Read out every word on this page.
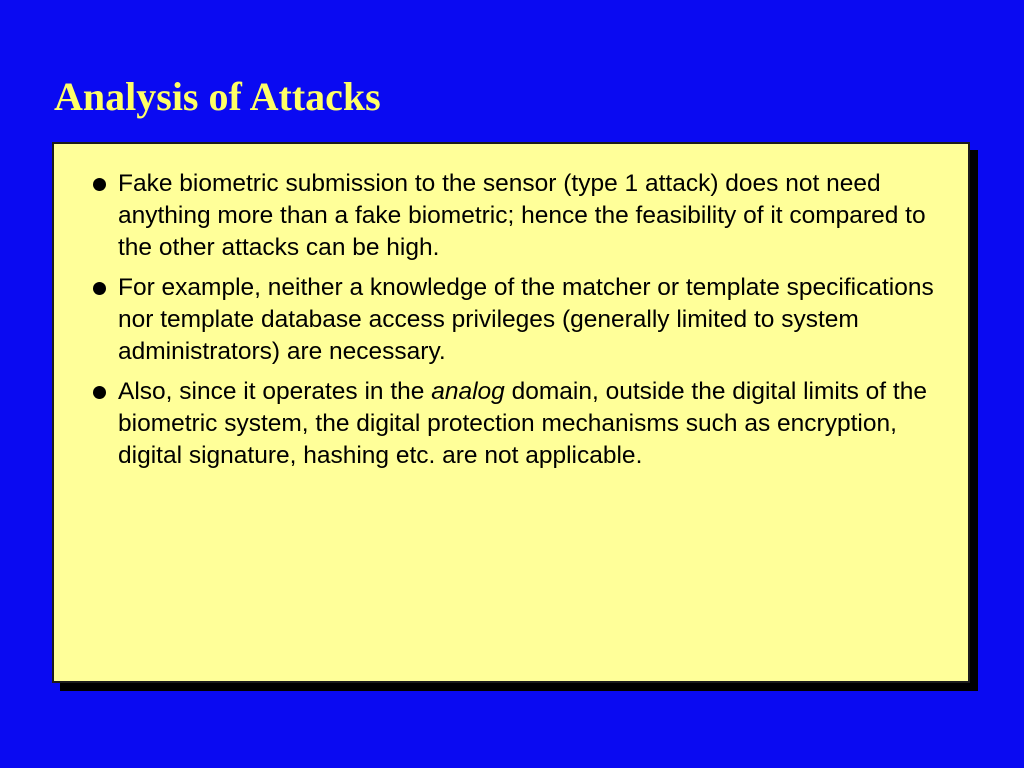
Analysis of Attacks
Fake biometric submission to the sensor (type 1 attack) does not need anything more than a fake biometric; hence the feasibility of it compared to the other attacks can be high.
For example, neither a knowledge of the matcher or template specifications nor template database access privileges (generally limited to system administrators) are necessary.
Also, since it operates in the analog domain, outside the digital limits of the biometric system, the digital protection mechanisms such as encryption, digital signature, hashing etc. are not applicable.
